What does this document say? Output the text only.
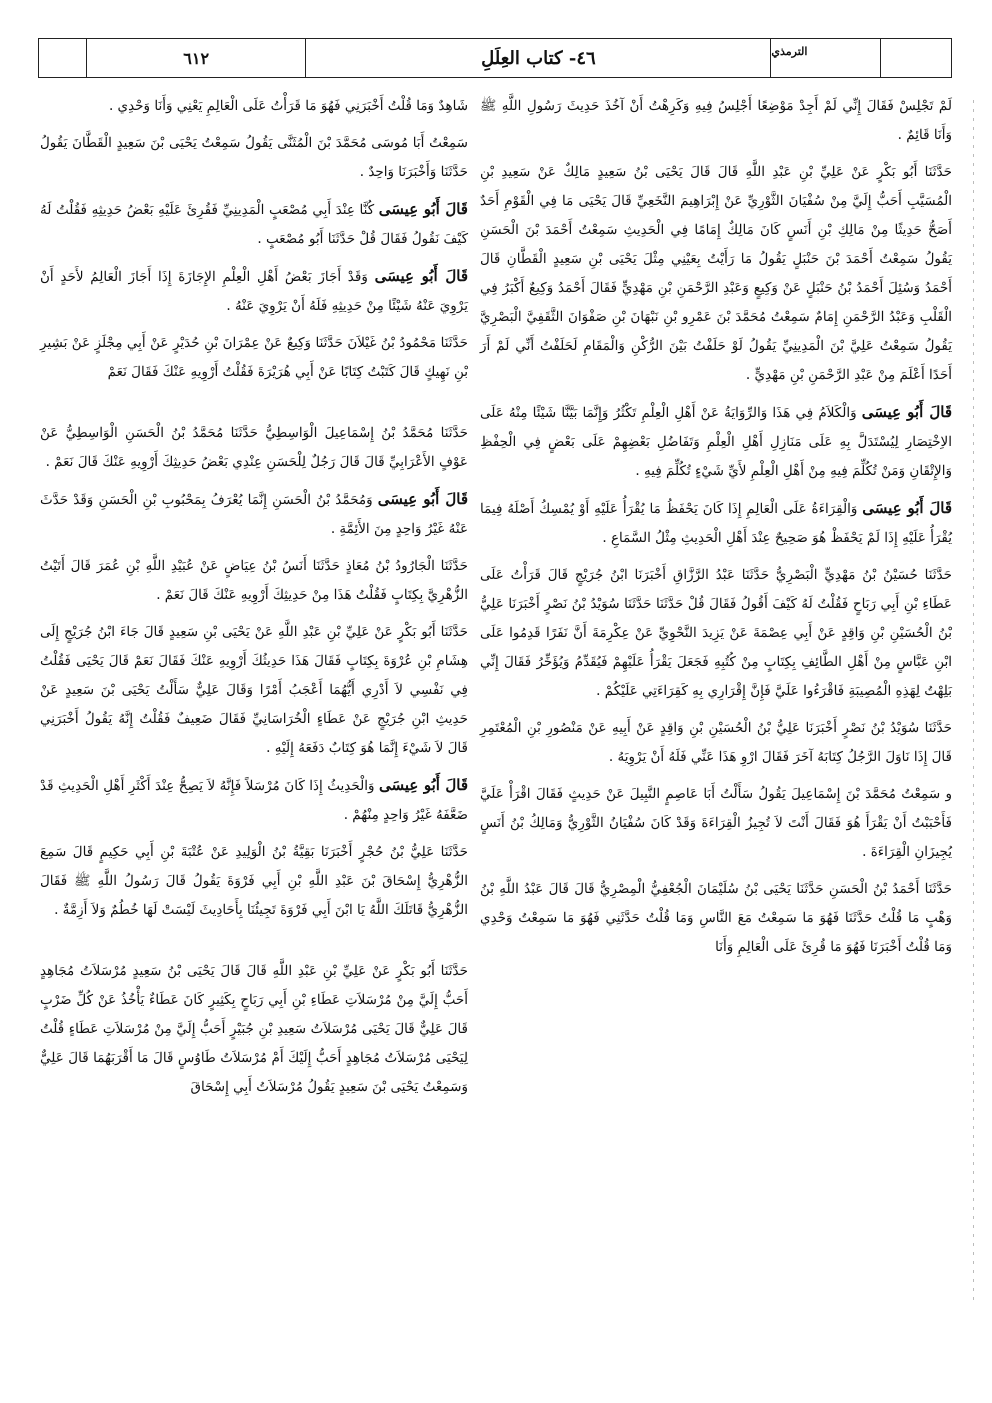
٦١٢	٤٦- كتاب العِلَلِ	الترمذي

لَمْ تَجْلِسْ فَقَالَ إِنِّي لَمْ أَجِدْ مَوْضِعًا أَجْلِسُ فِيهِ وَكَرِهْتُ أَنْ آخُذَ حَدِيثَ رَسُولِ اللَّهِ ﷺ وَأَنَا قَائِمٌ .

حَدَّثَنَا أَبُو بَكْرٍ عَنْ عَلِيِّ بْنِ عَبْدِ اللَّهِ قَالَ قَالَ يَحْيَى بْنُ سَعِيدٍ مَالِكٌ عَنْ سَعِيدِ بْنِ الْمُسَيَّبِ أَحَبُّ إِلَيَّ مِنْ سُفْيَانَ الثَّوْرِيِّ عَنْ إِبْرَاهِيمَ النَّخَعِيِّ قَالَ يَحْيَى مَا فِي الْقَوْمِ أَحَدٌ أَصَحُّ حَدِيثًا مِنْ مَالِكِ بْنِ أَنَسٍ كَانَ مَالِكٌ إِمَامًا فِي الْحَدِيثِ سَمِعْتُ أَحْمَدَ بْنَ الْحَسَنِ يَقُولُ سَمِعْتُ أَحْمَدَ بْنَ حَنْبَلٍ يَقُولُ مَا رَأَيْتُ بِعَيْنِي مِثْلَ يَحْيَى بْنِ سَعِيدٍ الْقَطَّانِ قَالَ أَحْمَدُ وَسُئِلَ أَحْمَدُ بْنُ حَنْبَلٍ عَنْ وَكِيعٍ وَعَبْدِ الرَّحْمَنِ بْنِ مَهْدِيٍّ فَقَالَ أَحْمَدُ وَكِيعٌ أَكْبَرُ فِي الْقَلْبِ وَعَبْدُ الرَّحْمَنِ إِمَامٌ سَمِعْتُ مُحَمَّدَ بْنَ عَمْرِو بْنِ نَبْهَانَ بْنِ صَفْوَانَ الثَّقَفِيَّ الْبَصْرِيَّ يَقُولُ سَمِعْتُ عَلِيَّ بْنَ الْمَدِينِيِّ يَقُولُ لَوْ حَلَفْتُ بَيْنَ الرُّكْنِ وَالْمَقَامِ لَحَلَفْتُ أَنِّي لَمْ أَرَ أَحَدًا أَعْلَمَ مِنْ عَبْدِ الرَّحْمَنِ بْنِ مَهْدِيٍّ .

قَالَ أَبُو عِيسَى وَالْكَلاَمُ فِي هَذَا وَالرِّوَايَةُ عَنْ أَهْلِ الْعِلْمِ تَكْثُرُ وَإِنَّمَا بَيَّنَّا شَيْئًا مِنْهُ عَلَى الاِخْتِصَارِ لِيُسْتَدَلَّ بِهِ عَلَى مَنَازِلِ أَهْلِ الْعِلْمِ وَتَفَاضُلِ بَعْضِهِمْ عَلَى بَعْضٍ فِي الْحِفْظِ وَالإِتْقَانِ وَمَنْ تُكُلِّمَ فِيهِ مِنْ أَهْلِ الْعِلْمِ لأَيِّ شَيْءٍ تُكُلِّمَ فِيهِ .

قَالَ أَبُو عِيسَى وَالْقِرَاءَةُ عَلَى الْعَالِمِ إِذَا كَانَ يَحْفَظُ مَا يُقْرَأُ عَلَيْهِ أَوْ يُمْسِكُ أَصْلَهُ فِيمَا يُقْرَأُ عَلَيْهِ إِذَا لَمْ يَحْفَظْ هُوَ صَحِيحٌ عِنْدَ أَهْلِ الْحَدِيثِ مِثْلُ السَّمَاعِ .

حَدَّثَنَا حُسَيْنُ بْنُ مَهْدِيٍّ الْبَصْرِيُّ حَدَّثَنَا عَبْدُ الرَّزَّاقِ أَخْبَرَنَا ابْنُ جُرَيْجٍ قَالَ قَرَأْتُ عَلَى عَطَاءِ بْنِ أَبِي رَبَاحٍ فَقُلْتُ لَهُ كَيْفَ أَقُولُ فَقَالَ قُلْ حَدَّثَنَا حَدَّثَنَا سُوَيْدُ بْنُ نَصْرٍ أَخْبَرَنَا عَلِيُّ بْنُ الْحُسَيْنِ بْنِ وَاقِدٍ عَنْ أَبِي عِصْمَةَ عَنْ يَزِيدَ النَّحْوِيِّ عَنْ عِكْرِمَةَ أَنَّ نَفَرًا قَدِمُوا عَلَى ابْنِ عَبَّاسٍ مِنْ أَهْلِ الطَّائِفِ بِكِتَابٍ مِنْ كُتُبِهِ فَجَعَلَ يَقْرَأُ عَلَيْهِمْ فَيُقَدِّمُ وَيُؤَخِّرُ فَقَالَ إِنِّي بَلِهْتُ لِهَذِهِ الْمُصِيبَةِ فَاقْرَءُوا عَلَيَّ فَإِنَّ إِقْرَارِي بِهِ كَقِرَاءَتِي عَلَيْكُمْ .

حَدَّثَنَا سُوَيْدُ بْنُ نَصْرٍ أَخْبَرَنَا عَلِيُّ بْنُ الْحُسَيْنِ بْنِ وَاقِدٍ عَنْ أَبِيهِ عَنْ مَنْصُورِ بْنِ الْمُعْتَمِرِ قَالَ إِذَا نَاوَلَ الرَّجُلُ كِتَابَهُ آخَرَ فَقَالَ ارْوِ هَذَا عَنِّي فَلَهُ أَنْ يَرْوِيَهُ .

و سَمِعْتُ مُحَمَّدَ بْنَ إِسْمَاعِيلَ يَقُولُ سَأَلْتُ أَبَا عَاصِمٍ النَّبِيلَ عَنْ حَدِيثٍ فَقَالَ اقْرَأْ عَلَيَّ فَأَحْبَبْتُ أَنْ يَقْرَأَ هُوَ فَقَالَ أَنْتَ لاَ تُجِيزُ الْقِرَاءَةَ وَقَدْ كَانَ سُفْيَانُ الثَّوْرِيُّ وَمَالِكُ بْنُ أَنَسٍ يُجِيزَانِ الْقِرَاءَةَ .

حَدَّثَنَا أَحْمَدُ بْنُ الْحَسَنِ حَدَّثَنَا يَحْيَى بْنُ سُلَيْمَانَ الْجُعْفِيُّ الْمِصْرِيُّ قَالَ قَالَ عَبْدُ اللَّهِ بْنُ وَهْبٍ مَا قُلْتُ حَدَّثَنَا فَهُوَ مَا سَمِعْتُ مَعَ النَّاسِ وَمَا قُلْتُ حَدَّثَنِي فَهُوَ مَا سَمِعْتُ وَحْدِي وَمَا قُلْتُ أَخْبَرَنَا فَهُوَ مَا قُرِئَ عَلَى الْعَالِمِ وَأَنَا

شَاهِدٌ وَمَا قُلْتُ أَخْبَرَنِي فَهُوَ مَا قَرَأْتُ عَلَى الْعَالِمِ يَعْنِي وَأَنَا وَحْدِي .

سَمِعْتُ أَبَا مُوسَى مُحَمَّدَ بْنَ الْمُثَنَّى يَقُولُ سَمِعْتُ يَحْيَى بْنَ سَعِيدٍ الْقَطَّانَ يَقُولُ حَدَّثَنَا وَأَخْبَرَنَا وَاحِدٌ .

قَالَ أَبُو عِيسَى كُنَّا عِنْدَ أَبِي مُصْعَبٍ الْمَدِينِيِّ فَقُرِئَ عَلَيْهِ بَعْضُ حَدِيثِهِ فَقُلْتُ لَهُ كَيْفَ نَقُولُ فَقَالَ قُلْ حَدَّثَنَا أَبُو مُصْعَبٍ .

قَالَ أَبُو عِيسَى وَقَدْ أَجَازَ بَعْضُ أَهْلِ الْعِلْمِ الإِجَازَةَ إِذَا أَجَازَ الْعَالِمُ لأَحَدٍ أَنْ يَرْوِيَ عَنْهُ شَيْئًا مِنْ حَدِيثِهِ فَلَهُ أَنْ يَرْوِيَ عَنْهُ .

حَدَّثَنَا مَحْمُودُ بْنُ غَيْلاَنَ حَدَّثَنَا وَكِيعٌ عَنْ عِمْرَانَ بْنِ حُدَيْرٍ عَنْ أَبِي مِجْلَزٍ عَنْ بَشِيرِ بْنِ نَهِيكٍ قَالَ كَتَبْتُ كِتَابًا عَنْ أَبِي هُرَيْرَةَ فَقُلْتُ أَرْوِيهِ عَنْكَ فَقَالَ نَعَمْ

حَدَّثَنَا مُحَمَّدُ بْنُ إِسْمَاعِيلَ الْوَاسِطِيُّ حَدَّثَنَا مُحَمَّدُ بْنُ الْحَسَنِ الْوَاسِطِيُّ عَنْ عَوْفٍ الأَعْرَابِيِّ قَالَ قَالَ رَجُلٌ لِلْحَسَنِ عِنْدِي بَعْضُ حَدِيثِكَ أَرْوِيهِ عَنْكَ قَالَ نَعَمْ .

قَالَ أَبُو عِيسَى وَمُحَمَّدُ بْنُ الْحَسَنِ إِنَّمَا يُعْرَفُ بِمَحْبُوبِ بْنِ الْحَسَنِ وَقَدْ حَدَّثَ عَنْهُ غَيْرُ وَاحِدٍ مِنَ الأَئِمَّةِ .

حَدَّثَنَا الْجَارُودُ بْنُ مُعَاذٍ حَدَّثَنَا أَنَسُ بْنُ عِيَاضٍ عَنْ عُبَيْدِ اللَّهِ بْنِ عُمَرَ قَالَ أَتَيْتُ الزُّهْرِيَّ بِكِتَابٍ فَقُلْتُ هَذَا مِنْ حَدِيثِكَ أَرْوِيهِ عَنْكَ قَالَ نَعَمْ .

حَدَّثَنَا أَبُو بَكْرٍ عَنْ عَلِيِّ بْنِ عَبْدِ اللَّهِ عَنْ يَحْيَى بْنِ سَعِيدٍ قَالَ جَاءَ ابْنُ جُرَيْجٍ إِلَى هِشَامِ بْنِ عُرْوَةَ بِكِتَابٍ فَقَالَ هَذَا حَدِيثُكَ أَرْوِيهِ عَنْكَ فَقَالَ نَعَمْ قَالَ يَحْيَى فَقُلْتُ فِي نَفْسِي لاَ أَدْرِي أَيُّهُمَا أَعْجَبُ أَمْرًا وَقَالَ عَلِيٌّ سَأَلْتُ يَحْيَى بْنَ سَعِيدٍ عَنْ حَدِيثِ ابْنِ جُرَيْجٍ عَنْ عَطَاءٍ الْخُرَاسَانِيِّ فَقَالَ ضَعِيفٌ فَقُلْتُ إِنَّهُ يَقُولُ أَخْبَرَنِي قَالَ لاَ شَيْءَ إِنَّمَا هُوَ كِتَابٌ دَفَعَهُ إِلَيْهِ .

قَالَ أَبُو عِيسَى وَالْحَدِيثُ إِذَا كَانَ مُرْسَلاً فَإِنَّهُ لاَ يَصِحُّ عِنْدَ أَكْثَرِ أَهْلِ الْحَدِيثِ قَدْ ضَعَّفَهُ غَيْرُ وَاحِدٍ مِنْهُمْ .

حَدَّثَنَا عَلِيُّ بْنُ حُجْرٍ أَخْبَرَنَا بَقِيَّةُ بْنُ الْوَلِيدِ عَنْ عُتْبَةَ بْنِ أَبِي حَكِيمٍ قَالَ سَمِعَ الزُّهْرِيُّ إِسْحَاقَ بْنَ عَبْدِ اللَّهِ بْنِ أَبِي فَرْوَةَ يَقُولُ قَالَ رَسُولُ اللَّهِ ﷺ فَقَالَ الزُّهْرِيُّ قَاتَلَكَ اللَّهُ يَا ابْنَ أَبِي فَرْوَةَ تَجِيئُنَا بِأَحَادِيثَ لَيْسَتْ لَهَا خُطُمٌ وَلاَ أَزِمَّةٌ .

حَدَّثَنَا أَبُو بَكْرٍ عَنْ عَلِيِّ بْنِ عَبْدِ اللَّهِ قَالَ قَالَ يَحْيَى بْنُ سَعِيدٍ مُرْسَلاَتُ مُجَاهِدٍ أَحَبُّ إِلَيَّ مِنْ مُرْسَلاَتِ عَطَاءِ بْنِ أَبِي رَبَاحٍ بِكَثِيرٍ كَانَ عَطَاءٌ يَأْخُذُ عَنْ كُلِّ ضَرْبٍ قَالَ عَلِيٌّ قَالَ يَحْيَى مُرْسَلاَتُ سَعِيدِ بْنِ جُبَيْرٍ أَحَبُّ إِلَيَّ مِنْ مُرْسَلاَتِ عَطَاءٍ قُلْتُ لِيَحْيَى مُرْسَلاَتُ مُجَاهِدٍ أَحَبُّ إِلَيْكَ أَمْ مُرْسَلاَتُ طَاوُسٍ قَالَ مَا أَقْرَبَهُمَا قَالَ عَلِيٌّ وَسَمِعْتُ يَحْيَى بْنَ سَعِيدٍ يَقُولُ مُرْسَلاَتُ أَبِي إِسْحَاقَ
